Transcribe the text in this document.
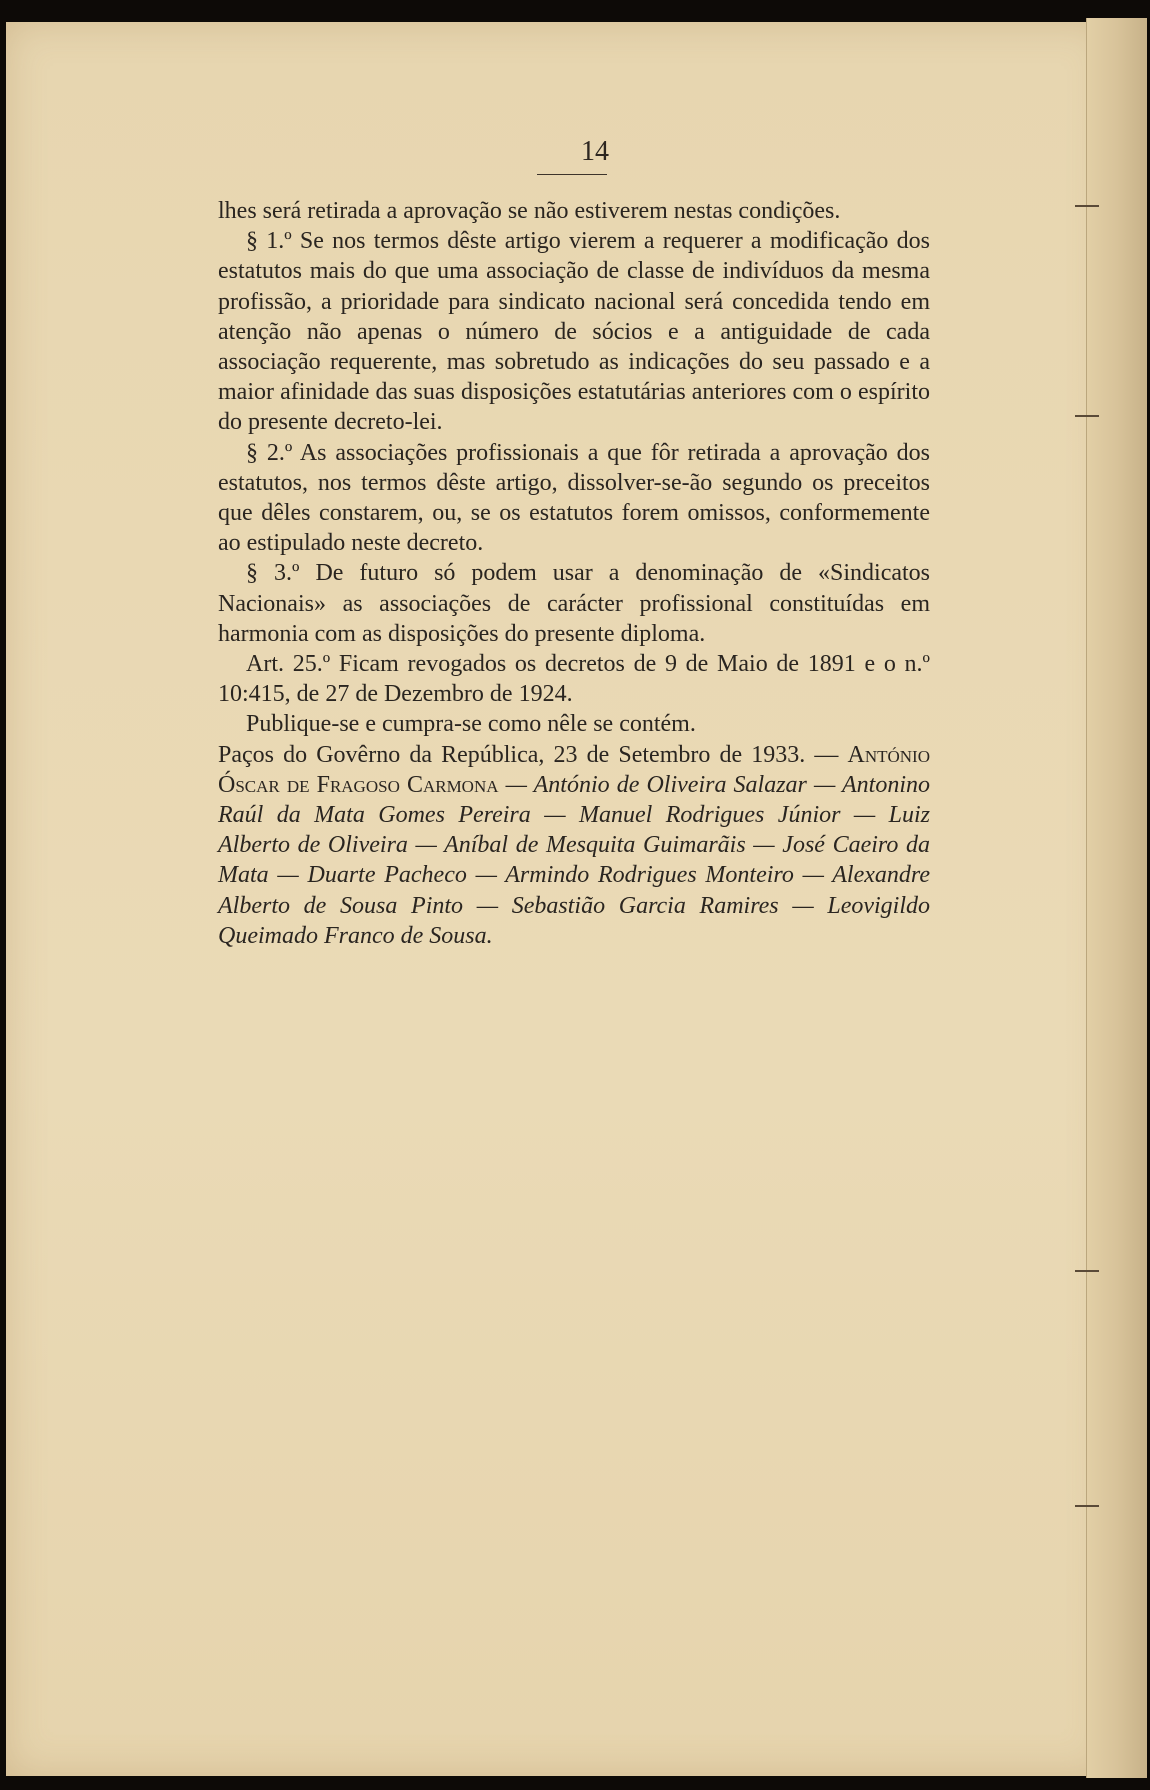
14

lhes será retirada a aprovação se não estiverem nestas condições.

§ 1.º Se nos termos dêste artigo vierem a requerer a modificação dos estatutos mais do que uma associação de classe de indivíduos da mesma profissão, a prioridade para sindicato nacional será concedida tendo em atenção não apenas o número de sócios e a antiguidade de cada associação requerente, mas sobretudo as indicações do seu passado e a maior afinidade das suas disposições estatutárias anteriores com o espírito do presente decreto-lei.

§ 2.º As associações profissionais a que fôr retirada a aprovação dos estatutos, nos termos dêste artigo, dissolver-se-ão segundo os preceitos que dêles constarem, ou, se os estatutos forem omissos, conformemente ao estipulado neste decreto.

§ 3.º De futuro só podem usar a denominação de «Sindicatos Nacionais» as associações de carácter profissional constituídas em harmonia com as disposições do presente diploma.

Art. 25.º Ficam revogados os decretos de 9 de Maio de 1891 e o n.º 10:415, de 27 de Dezembro de 1924.

Publique-se e cumpra-se como nêle se contém.

Paços do Govêrno da República, 23 de Setembro de 1933. — António Óscar de Fragoso Carmona — António de Oliveira Salazar — Antonino Raúl da Mata Gomes Pereira — Manuel Rodrigues Júnior — Luiz Alberto de Oliveira — Aníbal de Mesquita Guimarãis — José Caeiro da Mata — Duarte Pacheco — Armindo Rodrigues Monteiro — Alexandre Alberto de Sousa Pinto — Sebastião Garcia Ramires — Leovigildo Queimado Franco de Sousa.
